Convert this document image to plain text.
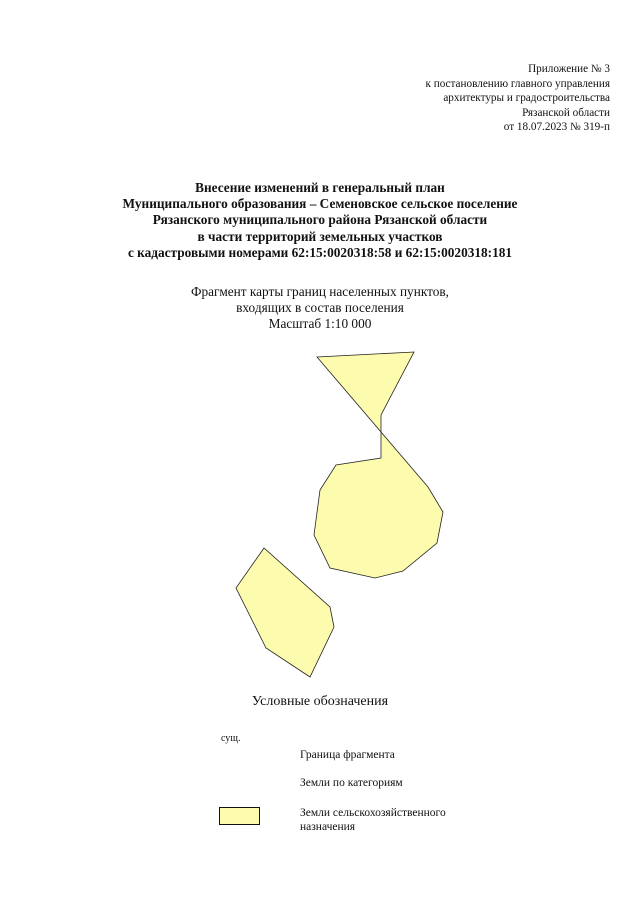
Приложение № 3
к постановлению главного управления
архитектуры и градостроительства
Рязанской области
от 18.07.2023 № 319-п
Внесение изменений в генеральный план
Муниципального образования – Семеновское сельское поселение
Рязанского муниципального района Рязанской области
в части территорий земельных участков
с кадастровыми номерами 62:15:0020318:58 и 62:15:0020318:181
Фрагмент карты границ населенных пунктов,
входящих в состав поселения
Масштаб 1:10 000
Условные обозначения
сущ.
Граница фрагмента
Земли по категориям
Земли сельскохозяйственного назначения
